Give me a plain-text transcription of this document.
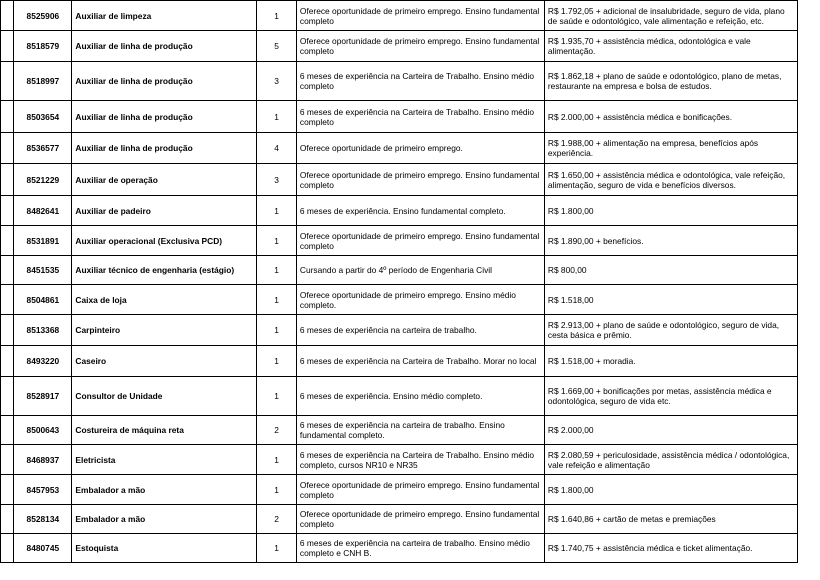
	8525906	Auxiliar de limpeza	1	Oferece oportunidade de primeiro emprego. Ensino fundamental completo	R$ 1.792,05 + adicional de insalubridade, seguro de vida, plano de saúde e odontológico, vale alimentação e refeição, etc.
	8518579	Auxiliar de linha de produção	5	Oferece oportunidade de primeiro emprego. Ensino fundamental completo	R$ 1.935,70 + assistência médica, odontológica e vale alimentação.
	8518997	Auxiliar de linha de produção	3	6 meses de experiência na Carteira de Trabalho. Ensino médio completo	R$ 1.862,18 + plano de saúde e odontológico, plano de metas, restaurante na empresa e bolsa de estudos.
	8503654	Auxiliar de linha de produção	1	6 meses de experiência na Carteira de Trabalho. Ensino médio completo	R$ 2.000,00 + assistência médica e bonificações.
	8536577	Auxiliar de linha de produção	4	Oferece oportunidade de primeiro emprego.	R$ 1.988,00 + alimentação na empresa, benefícios após experiência.
	8521229	Auxiliar de operação	3	Oferece oportunidade de primeiro emprego. Ensino fundamental completo	R$ 1.650,00 + assistência médica e odontológica, vale refeição, alimentação, seguro de vida e benefícios diversos.
	8482641	Auxiliar de padeiro	1	6 meses de experiência. Ensino fundamental completo.	R$ 1.800,00
	8531891	Auxiliar operacional (Exclusiva PCD)	1	Oferece oportunidade de primeiro emprego. Ensino fundamental completo	R$ 1.890,00 + benefícios.
	8451535	Auxiliar técnico de engenharia (estágio)	1	Cursando a partir do 4º período de Engenharia Civil	R$ 800,00
	8504861	Caixa de loja	1	Oferece oportunidade de primeiro emprego. Ensino médio completo.	R$ 1.518,00
	8513368	Carpinteiro	1	6 meses de experiência na carteira de trabalho.	R$ 2.913,00 + plano de saúde e odontológico, seguro de vida, cesta básica e prêmio.
	8493220	Caseiro	1	6 meses de experiência na Carteira de Trabalho. Morar no local	R$ 1.518,00 + moradia.
	8528917	Consultor de Unidade	1	6 meses de experiência. Ensino médio completo.	R$ 1.669,00 + bonificações por metas, assistência médica e odontológica, seguro de vida etc.
	8500643	Costureira de máquina reta	2	6 meses de experiência na carteira de trabalho. Ensino fundamental completo.	R$ 2.000,00
	8468937	Eletricista	1	6 meses de experiência na Carteira de Trabalho. Ensino médio completo, cursos NR10 e NR35	R$ 2.080,59 + periculosidade, assistência médica / odontológica, vale refeição e alimentação
	8457953	Embalador a mão	1	Oferece oportunidade de primeiro emprego. Ensino fundamental completo	R$ 1.800,00
	8528134	Embalador a mão	2	Oferece oportunidade de primeiro emprego. Ensino fundamental completo	R$ 1.640,86 + cartão de metas e premiações
	8480745	Estoquista	1	6 meses de experiência na carteira de trabalho. Ensino médio completo e CNH B.	R$ 1.740,75 + assistência médica e ticket alimentação.
